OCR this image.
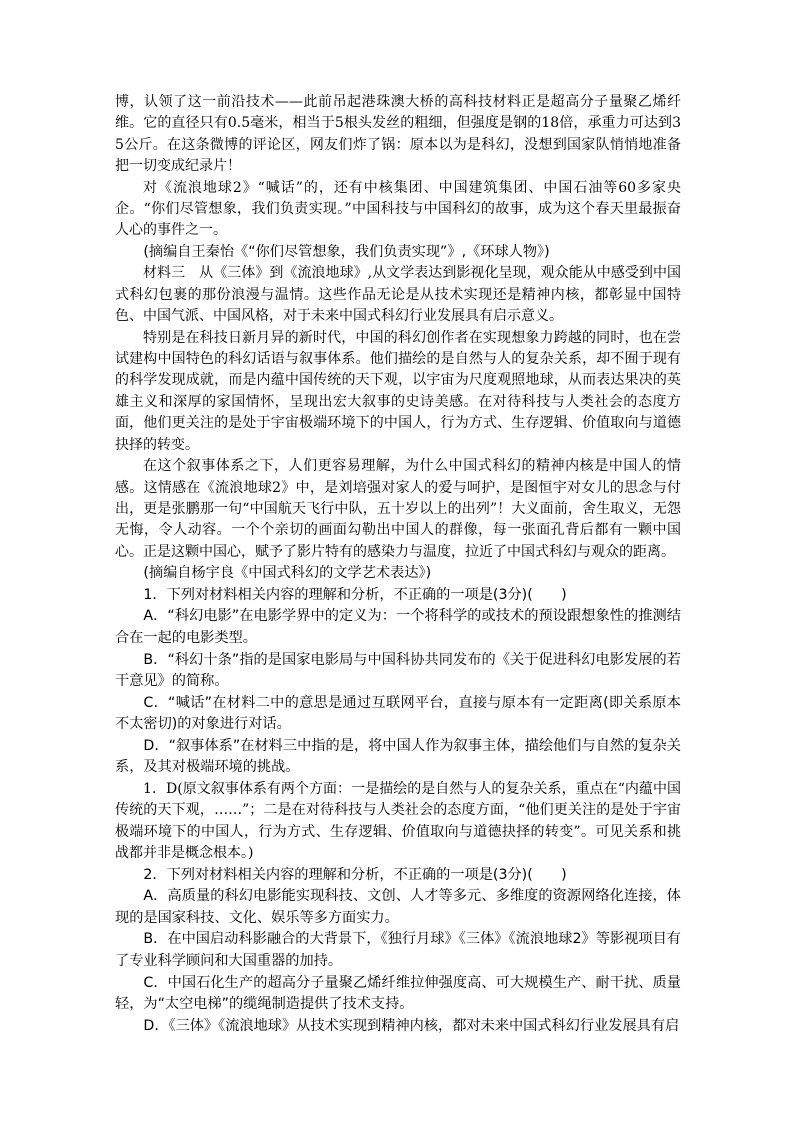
博，认领了这一前沿技术——此前吊起港珠澳大桥的高科技材料正是超高分子量聚乙烯纤维。它的直径只有0.5毫米，相当于5根头发丝的粗细，但强度是钢的18倍，承重力可达到35公斤。在这条微博的评论区，网友们炸了锅：原本以为是科幻，没想到国家队悄悄地准备把一切变成纪录片！

对《流浪地球2》“喊话”的，还有中核集团、中国建筑集团、中国石油等60多家央企。“你们尽管想象，我们负责实现。”中国科技与中国科幻的故事，成为这个春天里最振奋人心的事件之一。

(摘编自王秦怡《“你们尽管想象，我们负责实现”》,《环球人物》)

材料三　从《三体》到《流浪地球》,从文学表达到影视化呈现，观众能从中感受到中国式科幻包裹的那份浪漫与温情。这些作品无论是从技术实现还是精神内核，都彰显中国特色、中国气派、中国风格，对于未来中国式科幻行业发展具有启示意义。

特别是在科技日新月异的新时代，中国的科幻创作者在实现想象力跨越的同时，也在尝试建构中国特色的科幻话语与叙事体系。他们描绘的是自然与人的复杂关系，却不囿于现有的科学发现成就，而是内蕴中国传统的天下观，以宇宙为尺度观照地球，从而表达果决的英雄主义和深厚的家国情怀，呈现出宏大叙事的史诗美感。在对待科技与人类社会的态度方面，他们更关注的是处于宇宙极端环境下的中国人，行为方式、生存逻辑、价值取向与道德抉择的转变。

在这个叙事体系之下，人们更容易理解，为什么中国式科幻的精神内核是中国人的情感。这情感在《流浪地球2》中，是刘培强对家人的爱与呵护，是图恒宇对女儿的思念与付出，更是张鹏那一句“中国航天飞行中队，五十岁以上的出列”！大义面前，舍生取义，无怨无悔，令人动容。一个个亲切的画面勾勒出中国人的群像，每一张面孔背后都有一颗中国心。正是这颗中国心，赋予了影片特有的感染力与温度，拉近了中国式科幻与观众的距离。

(摘编自杨宇良《中国式科幻的文学艺术表达》)

1．下列对材料相关内容的理解和分析，不正确的一项是(3分)(　　)

A．“科幻电影”在电影学界中的定义为：一个将科学的或技术的预设跟想象性的推测结合在一起的电影类型。

B．“科幻十条”指的是国家电影局与中国科协共同发布的《关于促进科幻电影发展的若干意见》的简称。

C．“喊话”在材料二中的意思是通过互联网平台，直接与原本有一定距离(即关系原本不太密切)的对象进行对话。

D．“叙事体系”在材料三中指的是，将中国人作为叙事主体，描绘他们与自然的复杂关系，及其对极端环境的挑战。

1．D(原文叙事体系有两个方面：一是描绘的是自然与人的复杂关系，重点在“内蕴中国传统的天下观，……”；二是在对待科技与人类社会的态度方面，“他们更关注的是处于宇宙极端环境下的中国人，行为方式、生存逻辑、价值取向与道德抉择的转变”。可见关系和挑战都并非是概念根本。)

2．下列对材料相关内容的理解和分析，不正确的一项是(3分)(　　)

A．高质量的科幻电影能实现科技、文创、人才等多元、多维度的资源网络化连接，体现的是国家科技、文化、娱乐等多方面实力。

B．在中国启动科影融合的大背景下，《独行月球》《三体》《流浪地球2》等影视项目有了专业科学顾问和大国重器的加持。

C．中国石化生产的超高分子量聚乙烯纤维拉伸强度高、可大规模生产、耐干扰、质量轻，为“太空电梯”的缆绳制造提供了技术支持。

D．《三体》《流浪地球》从技术实现到精神内核，都对未来中国式科幻行业发展具有启
